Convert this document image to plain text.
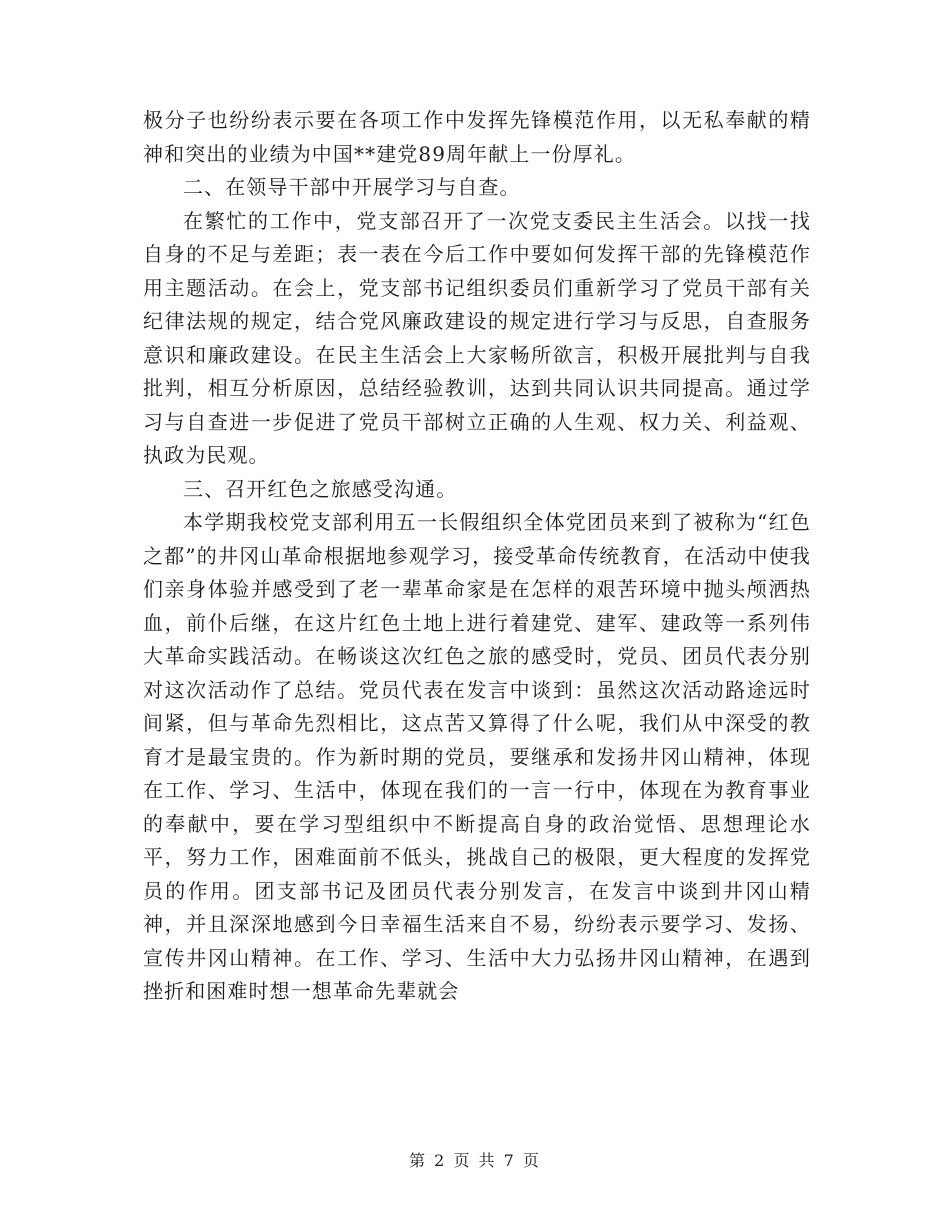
极分子也纷纷表示要在各项工作中发挥先锋模范作用，以无私奉献的精神和突出的业绩为中国**建党89周年献上一份厚礼。

二、在领导干部中开展学习与自查。

在繁忙的工作中，党支部召开了一次党支委民主生活会。以找一找自身的不足与差距；表一表在今后工作中要如何发挥干部的先锋模范作用主题活动。在会上，党支部书记组织委员们重新学习了党员干部有关纪律法规的规定，结合党风廉政建设的规定进行学习与反思，自查服务意识和廉政建设。在民主生活会上大家畅所欲言，积极开展批判与自我批判，相互分析原因，总结经验教训，达到共同认识共同提高。通过学习与自查进一步促进了党员干部树立正确的人生观、权力关、利益观、执政为民观。

三、召开红色之旅感受沟通。

本学期我校党支部利用五一长假组织全体党团员来到了被称为“红色之都”的井冈山革命根据地参观学习，接受革命传统教育，在活动中使我们亲身体验并感受到了老一辈革命家是在怎样的艰苦环境中抛头颅洒热血，前仆后继，在这片红色土地上进行着建党、建军、建政等一系列伟大革命实践活动。在畅谈这次红色之旅的感受时，党员、团员代表分别对这次活动作了总结。党员代表在发言中谈到：虽然这次活动路途远时间紧，但与革命先烈相比，这点苦又算得了什么呢，我们从中深受的教育才是最宝贵的。作为新时期的党员，要继承和发扬井冈山精神，体现在工作、学习、生活中，体现在我们的一言一行中，体现在为教育事业的奉献中，要在学习型组织中不断提高自身的政治觉悟、思想理论水平，努力工作，困难面前不低头，挑战自己的极限，更大程度的发挥党员的作用。团支部书记及团员代表分别发言，在发言中谈到井冈山精神，并且深深地感到今日幸福生活来自不易，纷纷表示要学习、发扬、宣传井冈山精神。在工作、学习、生活中大力弘扬井冈山精神，在遇到挫折和困难时想一想革命先辈就会

第 2 页 共 7 页
